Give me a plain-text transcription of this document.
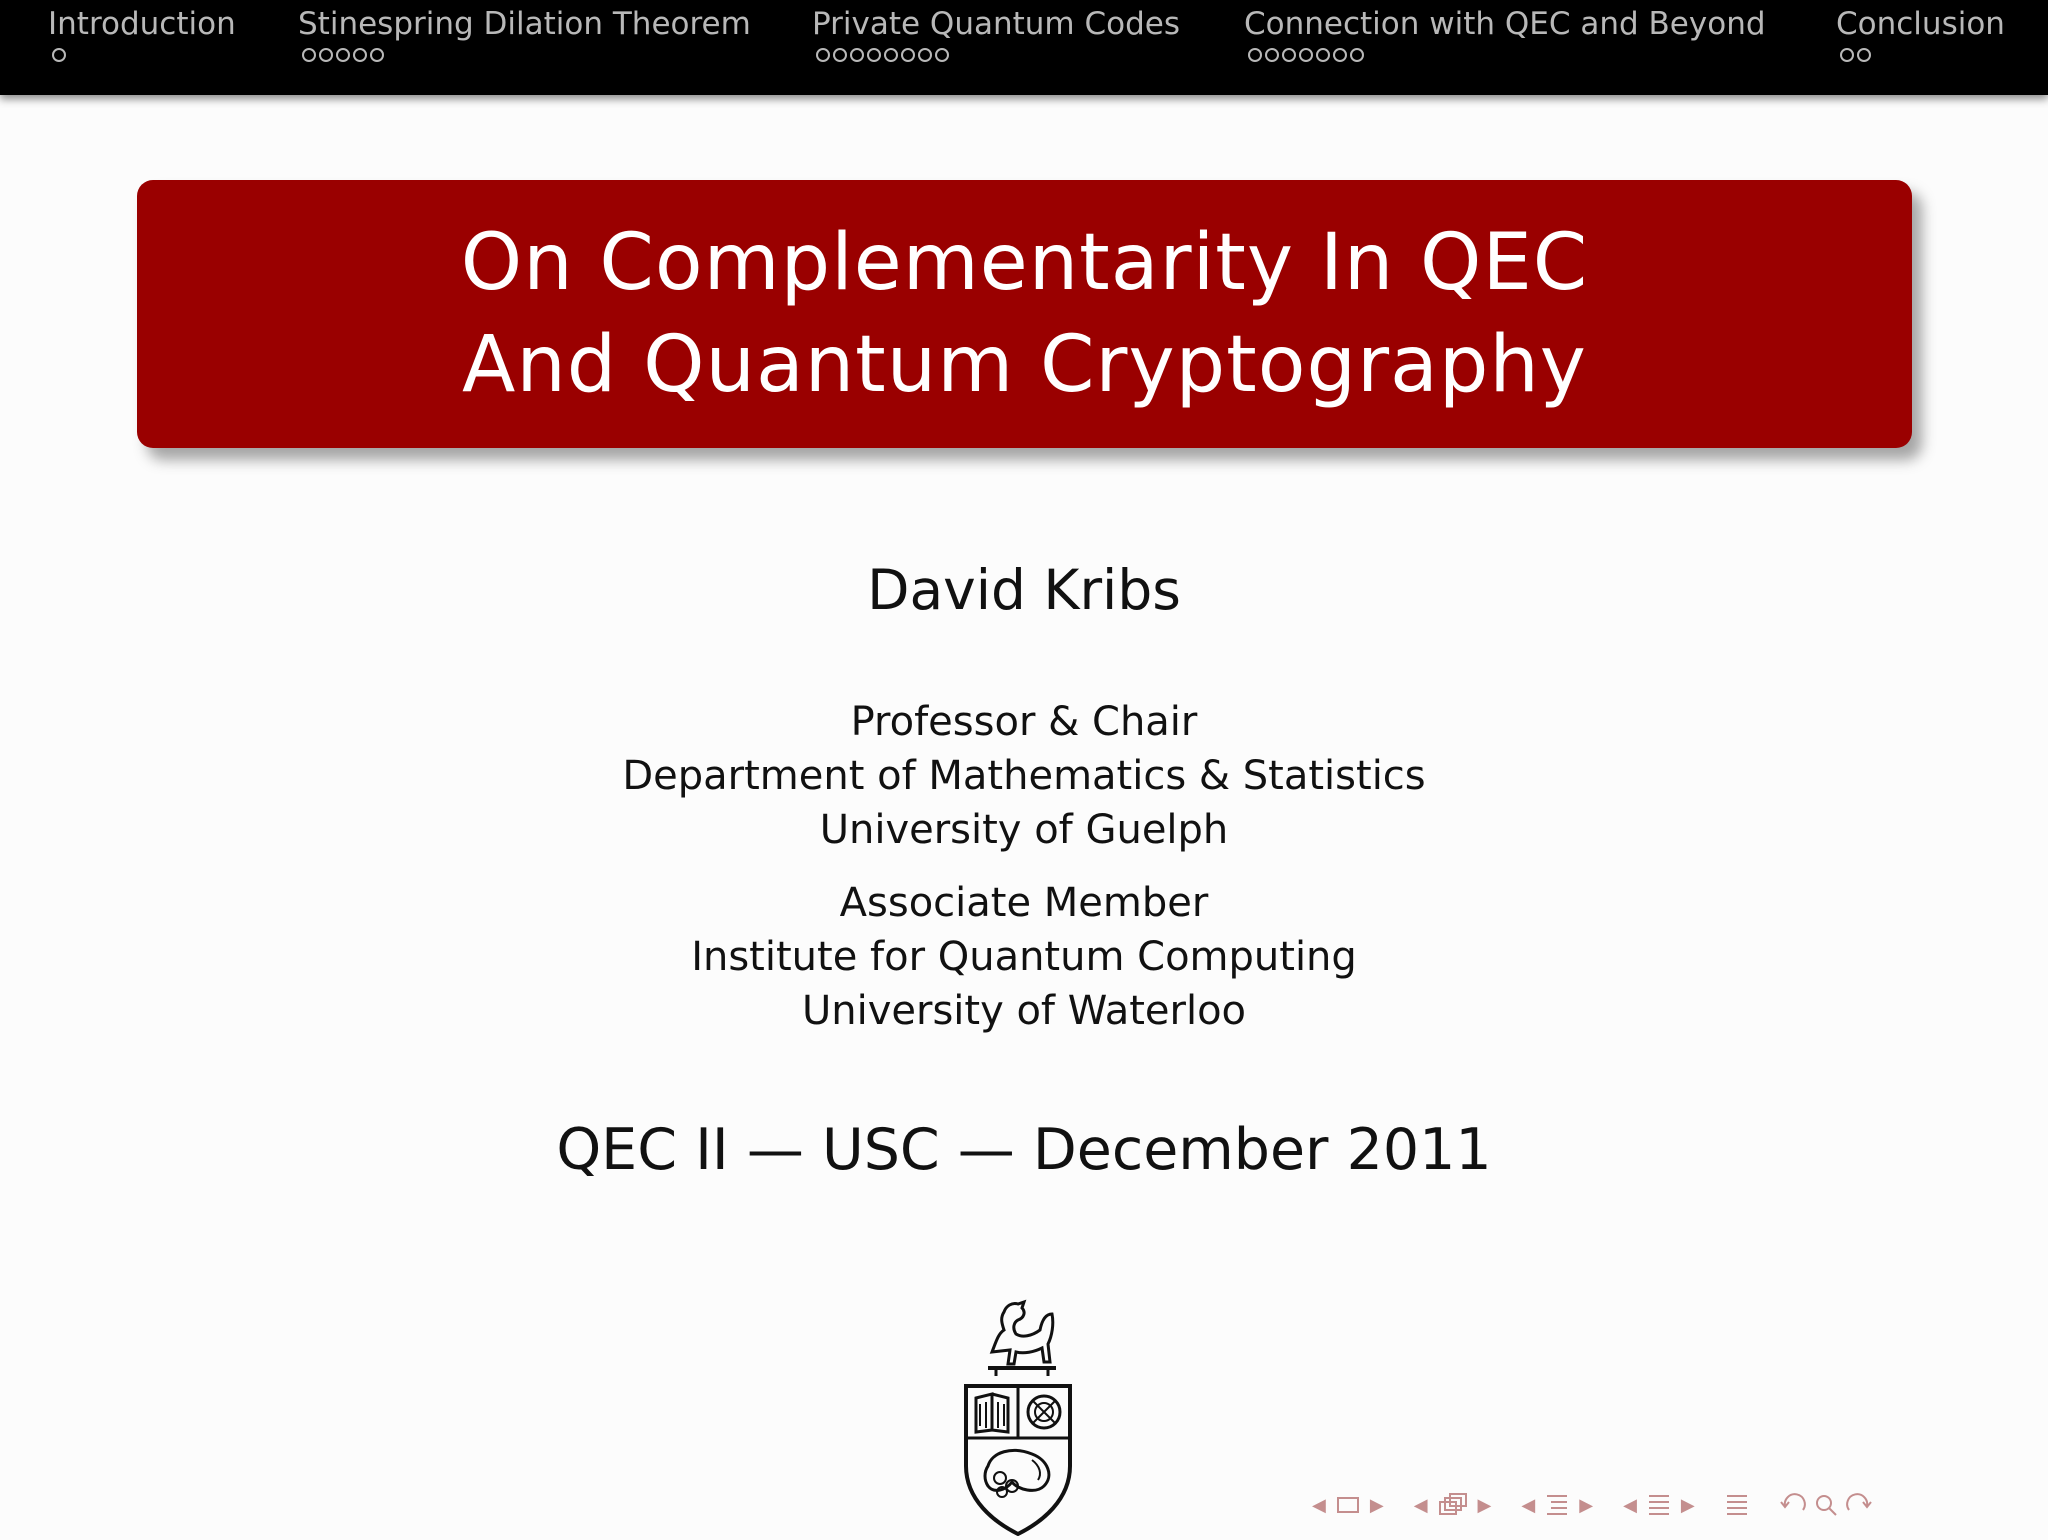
Introduction Stinespring Dilation Theorem Private Quantum Codes Connection with QEC and Beyond Conclusion
On Complementarity In QEC
And Quantum Cryptography
David Kribs
Professor & Chair
Department of Mathematics & Statistics
University of Guelph
Associate Member
Institute for Quantum Computing
University of Waterloo
QEC II — USC — December 2011
◀ ▶ ◀	▶ ◀ ▶ ◀ ▶
